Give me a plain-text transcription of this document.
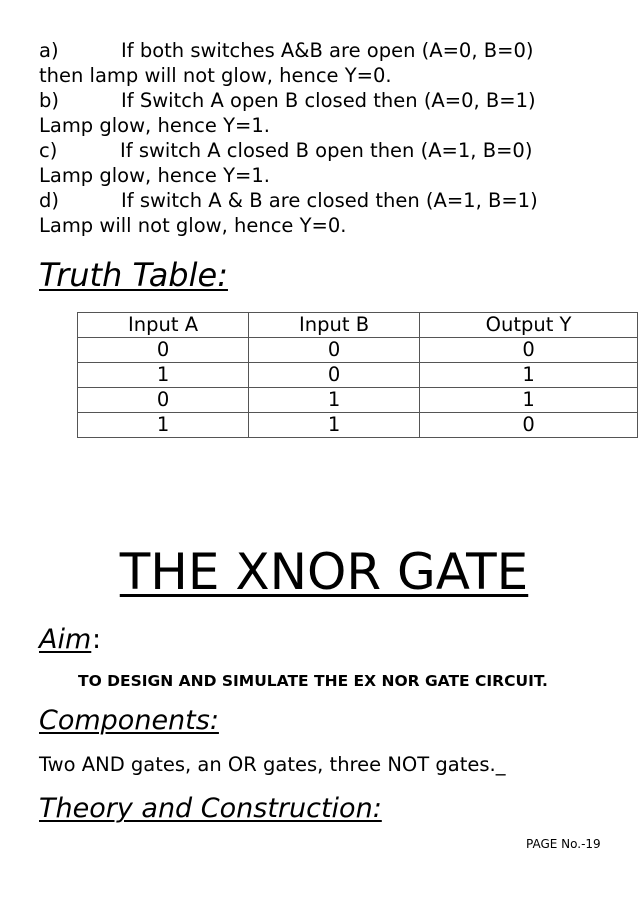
a)	If both switches A&B are open (A=0, B=0)
then lamp will not glow, hence Y=0.
b)	If Switch A open B closed then (A=0, B=1)
Lamp glow, hence Y=1.
c)	If switch A closed B open then (A=1, B=0)
Lamp glow, hence Y=1.
d)	If switch A & B are closed then (A=1, B=1)
Lamp will not glow, hence Y=0.
Truth Table:
Input A	Input B	Output Y
0	0	0
1	0	1
0	1	1
1	1	0
THE XNOR GATE
Aim :
TO DESIGN AND SIMULATE THE EX NOR GATE CIRCUIT.
Components:
Two AND gates, an OR gates, three NOT gates._
Theory and Construction:
PAGE No.-19
